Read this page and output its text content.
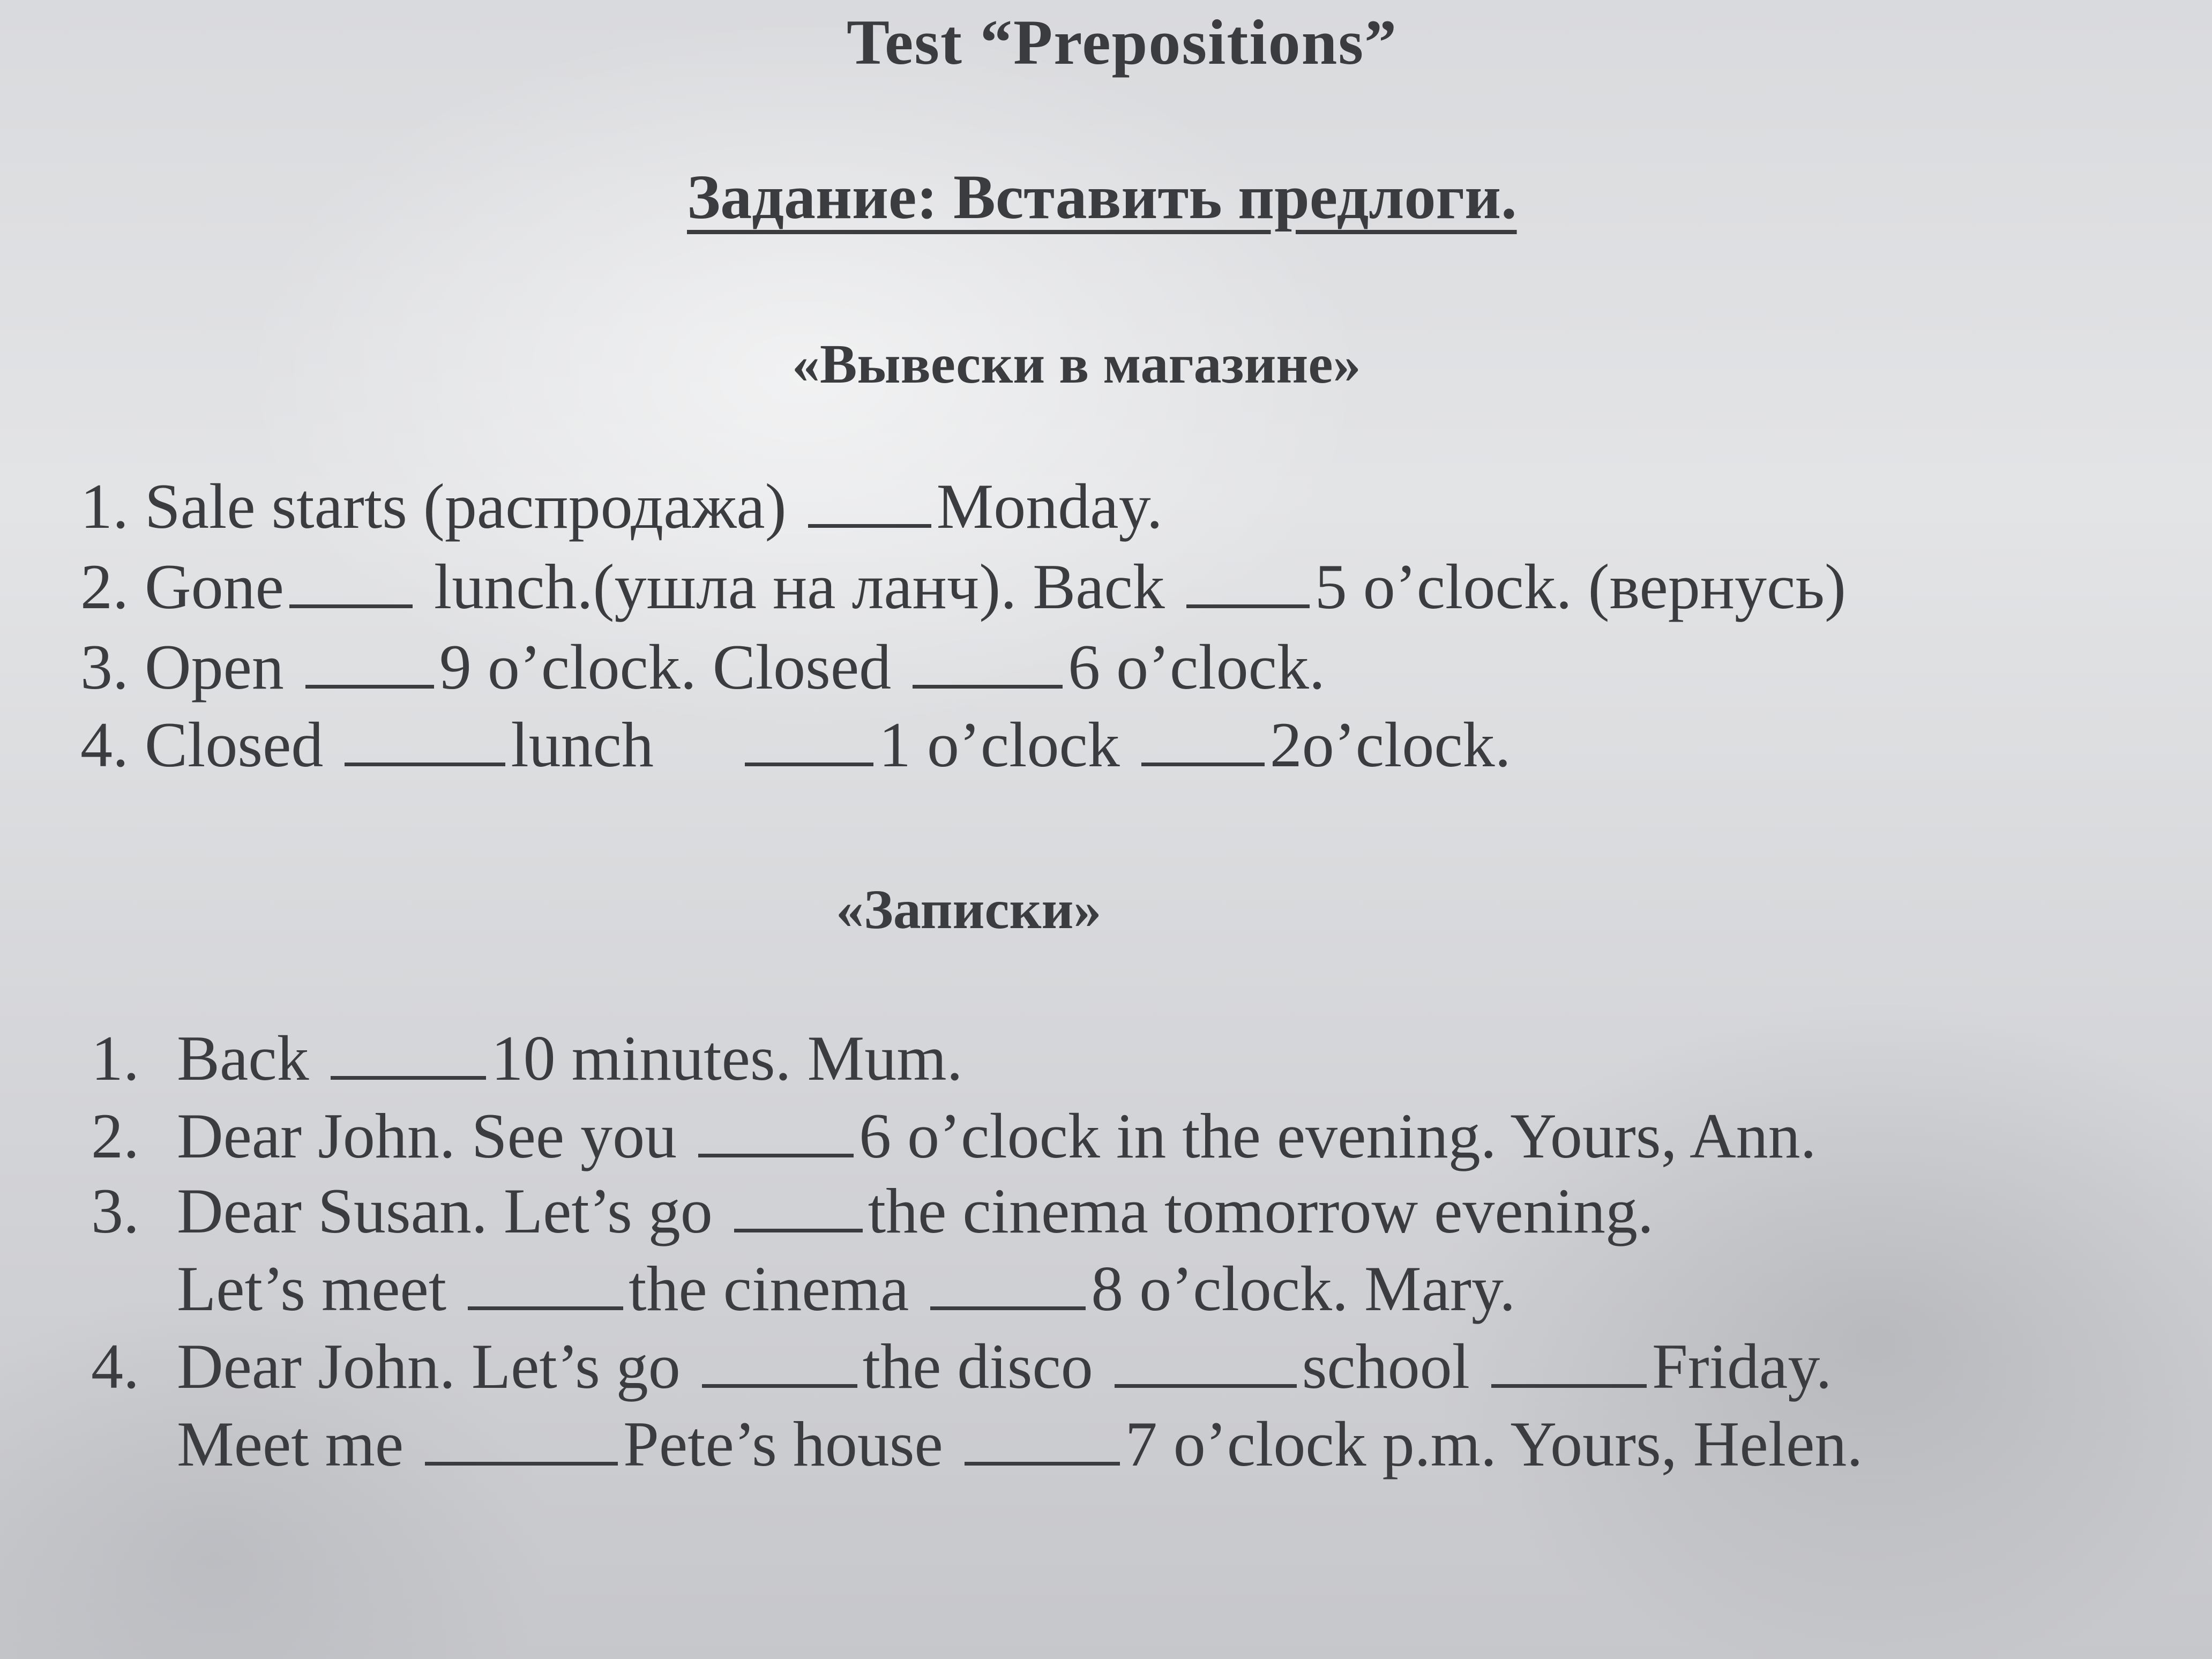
Test “Prepositions”
Задание: Вставить предлоги.
«Вывески в магазине»
1. Sale starts (распродажа) Monday.
2. Gone lunch.(ушла на ланч). Back 5 o’clock. (вернусь)
3. Open 9 o’clock. Closed	6 o’clock.
4. Closed	lunch	1 o’clock 2o’clock.
«Записки»
1. Back	10 minutes. Mum.
2. Dear John. See you	6 o’clock in the evening. Yours, Ann.
3. Dear Susan. Let’s go the cinema tomorrow evening.
Let’s meet	the cinema	8 o’clock. Mary.
4. Dear John. Let’s go	the disco	school	Friday.
Meet me	Pete’s house	7 o’clock p.m. Yours, Helen.
